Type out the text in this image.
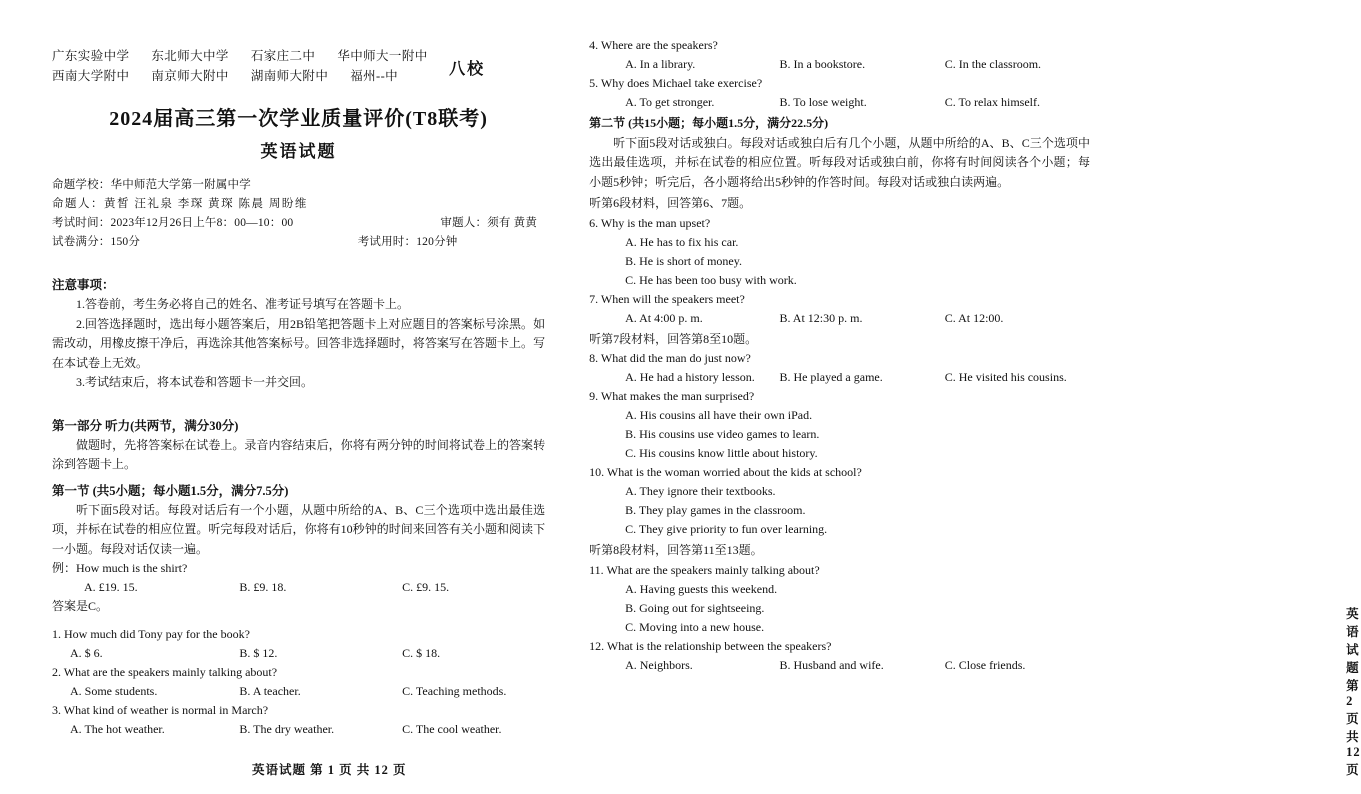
广东实验中学 东北师大中学 石家庄二中 华中师大一附中
西南大学附中 南京师大附中 湖南师大附中 福州--中	八校
2024届高三第一次学业质量评价(T8联考)
英语试题
命题学校：华中师范大学第一附属中学
命题人：黄皙 汪礼泉 李琛 黄琛 陈晨 周盼维
考试时间：2023年12月26日上午8：00—10：00	审题人：须有 黄黄
试卷满分：150分	考试用时：120分钟
注意事项：

1.答卷前，考生务必将自己的姓名、准考证号填写在答题卡上。

2.回答选择题时，选出每小题答案后，用2B铅笔把答题卡上对应题目的答案标号涂黑。如需改动，用橡皮擦干净后，再选涂其他答案标号。回答非选择题时，将答案写在答题卡上。写在本试卷上无效。

3.考试结束后，将本试卷和答题卡一并交回。

第一部分 听力(共两节，满分30分)

做题时，先将答案标在试卷上。录音内容结束后，你将有两分钟的时间将试卷上的答案转涂到答题卡上。

第一节 (共5小题；每小题1.5分，满分7.5分)

听下面5段对话。每段对话后有一个小题，从题中所给的A、B、C三个选项中选出最佳选项，并标在试卷的相应位置。听完每段对话后，你将有10秒钟的时间来回答有关小题和阅读下一小题。每段对话仅读一遍。

例：How much is the shirt?

A. £19. 15.	B. £9. 18.	C. £9. 15.

答案是C。

1. How much did Tony pay for the book?

A. $ 6.	B. $ 12.	C. $ 18.

2. What are the speakers mainly talking about?

A. Some students.	B. A teacher.	C. Teaching methods.

3. What kind of weather is normal in March?

A. The hot weather.	B. The dry weather.	C. The cool weather.
英语试题 第 1 页 共 12 页

4. Where are the speakers?

A. In a library.	B. In a bookstore.	C. In the classroom.

5. Why does Michael take exercise?

A. To get stronger.	B. To lose weight.	C. To relax himself.

第二节 (共15小题；每小题1.5分，满分22.5分)

听下面5段对话或独白。每段对话或独白后有几个小题，从题中所给的A、B、C三个选项中选出最佳选项，并标在试卷的相应位置。听每段对话或独白前，你将有时间阅读各个小题；每小题5秒钟；听完后，各小题将给出5秒钟的作答时间。每段对话或独白读两遍。

听第6段材料，回答第6、7题。

6. Why is the man upset?

A. He has to fix his car.

B. He is short of money.

C. He has been too busy with work.

7. When will the speakers meet?

A. At 4:00 p. m.	B. At 12:30 p. m.	C. At 12:00.

听第7段材料，回答第8至10题。

8. What did the man do just now?

A. He had a history lesson.	B. He played a game.	C. He visited his cousins.

9. What makes the man surprised?

A. His cousins all have their own iPad.

B. His cousins use video games to learn.

C. His cousins know little about history.

10. What is the woman worried about the kids at school?

A. They ignore their textbooks.

B. They play games in the classroom.

C. They give priority to fun over learning.

听第8段材料，回答第11至13题。

11. What are the speakers mainly talking about?

A. Having guests this weekend.

B. Going out for sightseeing.

C. Moving into a new house.

12. What is the relationship between the speakers?

A. Neighbors.	B. Husband and wife.	C. Close friends.
英语试题 第 2 页 共 12 页
